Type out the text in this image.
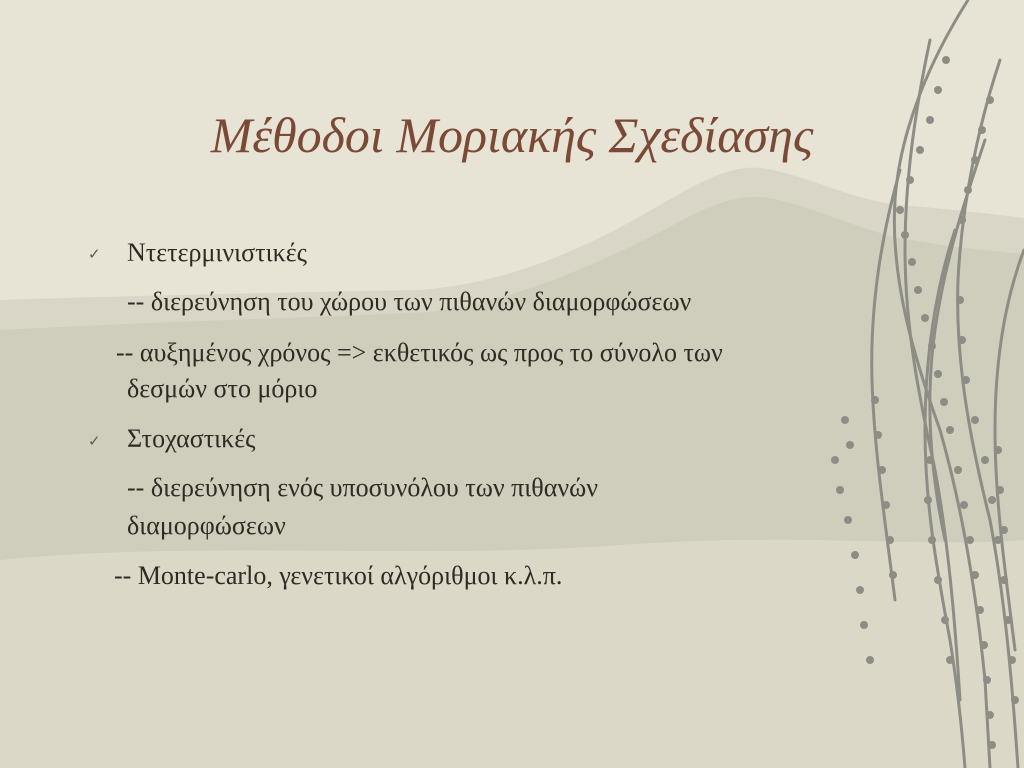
Μέθοδοι Μοριακής Σχεδίασης
✓ Ντετερμινιστικές
-- διερεύνηση του χώρου των πιθανών διαμορφώσεων
-- αυξημένος χρόνος => εκθετικός ως προς το σύνολο των
δεσμών στο μόριο
✓ Στοχαστικές
-- διερεύνηση ενός υποσυνόλου των πιθανών
διαμορφώσεων
-- Monte-carlo, γενετικοί αλγόριθμοι κ.λ.π.
